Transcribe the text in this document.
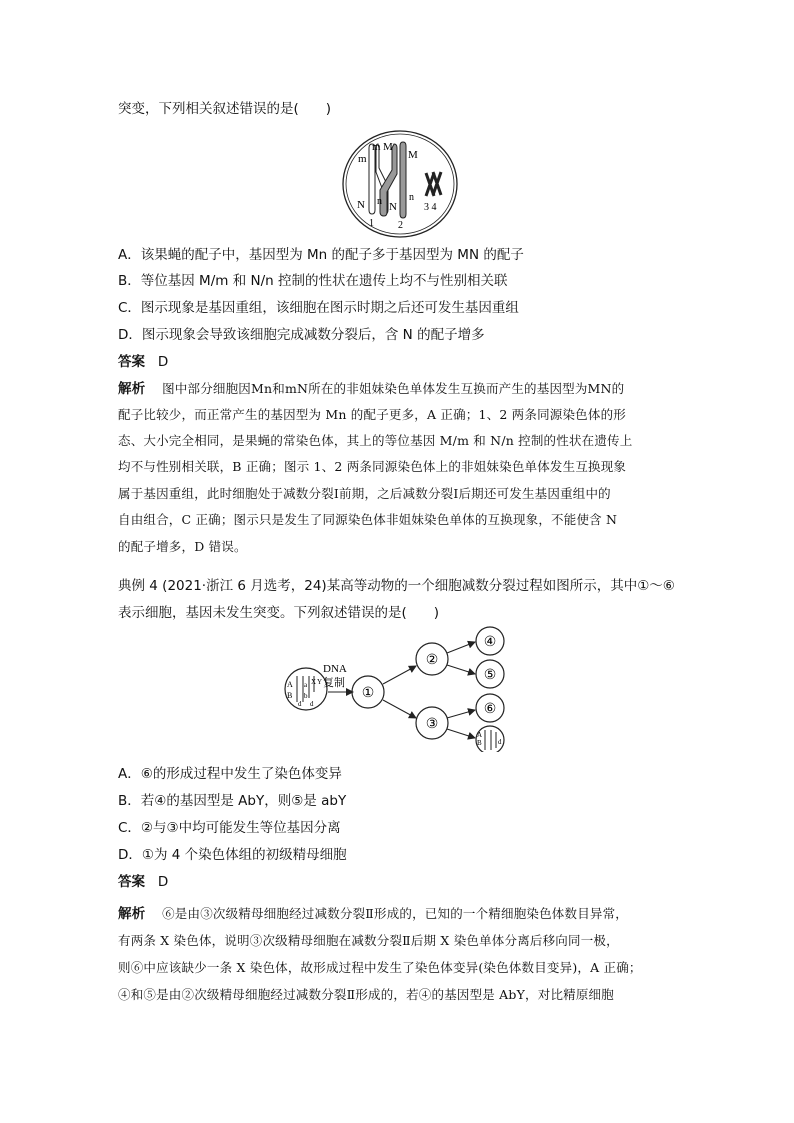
突变，下列相关叙述错误的是(　　)
m
m M
M
N n N
n
1 2
3 4
A．该果蝇的配子中，基因型为 Mn 的配子多于基因型为 MN 的配子
B．等位基因 M/m 和 N/n 控制的性状在遗传上均不与性别相关联
C．图示现象是基因重组，该细胞在图示时期之后还可发生基因重组
D．图示现象会导致该细胞完成减数分裂后，含 N 的配子增多
答案 D
解析 图中部分细胞因Mn和mN所在的非姐妹染色单体发生互换而产生的基因型为MN的
配子比较少，而正常产生的基因型为 Mn 的配子更多，A 正确；1、2 两条同源染色体的形
态、大小完全相同，是果蝇的常染色体，其上的等位基因 M/m 和 N/n 控制的性状在遗传上
均不与性别相关联，B 正确；图示 1、2 两条同源染色体上的非姐妹染色单体发生互换现象
属于基因重组，此时细胞处于减数分裂Ⅰ前期，之后减数分裂Ⅰ后期还可发生基因重组中的
自由组合，C 正确；图示只是发生了同源染色体非姐妹染色单体的互换现象，不能使含 N
的配子增多，D 错误。
典例 4 (2021·浙江 6 月选考，24)某高等动物的一个细胞减数分裂过程如图所示，其中①～⑥
表示细胞，基因未发生突变。下列叙述错误的是(　　)
A
B
a
b
d d
X Y
DNA
复制
①
②
③
④
⑤
⑥
A
B d
A．⑥的形成过程中发生了染色体变异
B．若④的基因型是 AbY，则⑤是 abY
C．②与③中均可能发生等位基因分离
D．①为 4 个染色体组的初级精母细胞
答案 D
解析 ⑥是由③次级精母细胞经过减数分裂Ⅱ形成的，已知的一个精细胞染色体数目异常，
有两条 X 染色体，说明③次级精母细胞在减数分裂Ⅱ后期 X 染色单体分离后移向同一极，
则⑥中应该缺少一条 X 染色体，故形成过程中发生了染色体变异(染色体数目变异)，A 正确；
④和⑤是由②次级精母细胞经过减数分裂Ⅱ形成的，若④的基因型是 AbY，对比精原细胞
